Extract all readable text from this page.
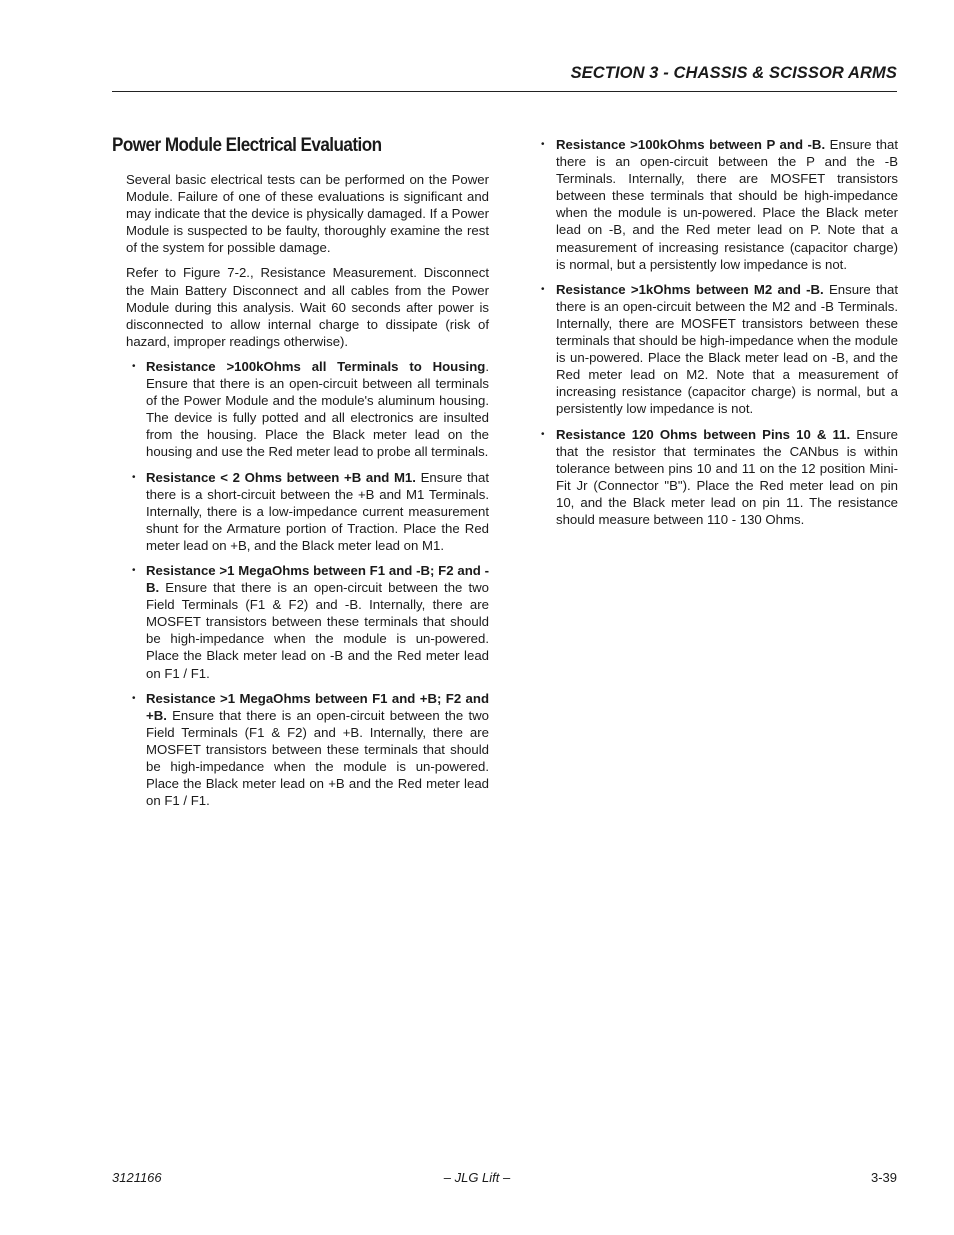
SECTION 3 - CHASSIS & SCISSOR ARMS
Power Module Electrical Evaluation

Several basic electrical tests can be performed on the Power Module. Failure of one of these evaluations is significant and may indicate that the device is physically damaged. If a Power Module is suspected to be faulty, thoroughly examine the rest of the system for possible damage.

Refer to Figure 7-2., Resistance Measurement. Disconnect the Main Battery Disconnect and all cables from the Power Module during this analysis. Wait 60 seconds after power is disconnected to allow internal charge to dissipate (risk of hazard, improper readings otherwise).

• Resistance >100kOhms all Terminals to Housing. Ensure that there is an open-circuit between all terminals of the Power Module and the module's aluminum housing. The device is fully potted and all electronics are insulted from the housing. Place the Black meter lead on the housing and use the Red meter lead to probe all terminals.
• Resistance < 2 Ohms between +B and M1. Ensure that there is a short-circuit between the +B and M1 Terminals. Internally, there is a low-impedance current measurement shunt for the Armature portion of Traction. Place the Red meter lead on +B, and the Black meter lead on M1.
• Resistance >1 MegaOhms between F1 and -B; F2 and -B. Ensure that there is an open-circuit between the two Field Terminals (F1 & F2) and -B. Internally, there are MOSFET transistors between these terminals that should be high-impedance when the module is un-powered. Place the Black meter lead on -B and the Red meter lead on F1 / F1.
• Resistance >1 MegaOhms between F1 and +B; F2 and +B. Ensure that there is an open-circuit between the two Field Terminals (F1 & F2) and +B. Internally, there are MOSFET transistors between these terminals that should be high-impedance when the module is un-powered. Place the Black meter lead on +B and the Red meter lead on F1 / F1.
• Resistance >100kOhms between P and -B. Ensure that there is an open-circuit between the P and the -B Terminals. Internally, there are MOSFET transistors between these terminals that should be high-impedance when the module is un-powered. Place the Black meter lead on -B, and the Red meter lead on P. Note that a measurement of increasing resistance (capacitor charge) is normal, but a persistently low impedance is not.
• Resistance >1kOhms between M2 and -B. Ensure that there is an open-circuit between the M2 and -B Terminals. Internally, there are MOSFET transistors between these terminals that should be high-impedance when the module is un-powered. Place the Black meter lead on -B, and the Red meter lead on M2. Note that a measurement of increasing resistance (capacitor charge) is normal, but a persistently low impedance is not.
• Resistance 120 Ohms between Pins 10 & 11. Ensure that the resistor that terminates the CANbus is within tolerance between pins 10 and 11 on the 12 position Mini-Fit Jr (Connector "B"). Place the Red meter lead on pin 10, and the Black meter lead on pin 11. The resistance should measure between 110 - 130 Ohms.
3121166	– JLG Lift –	3-39
